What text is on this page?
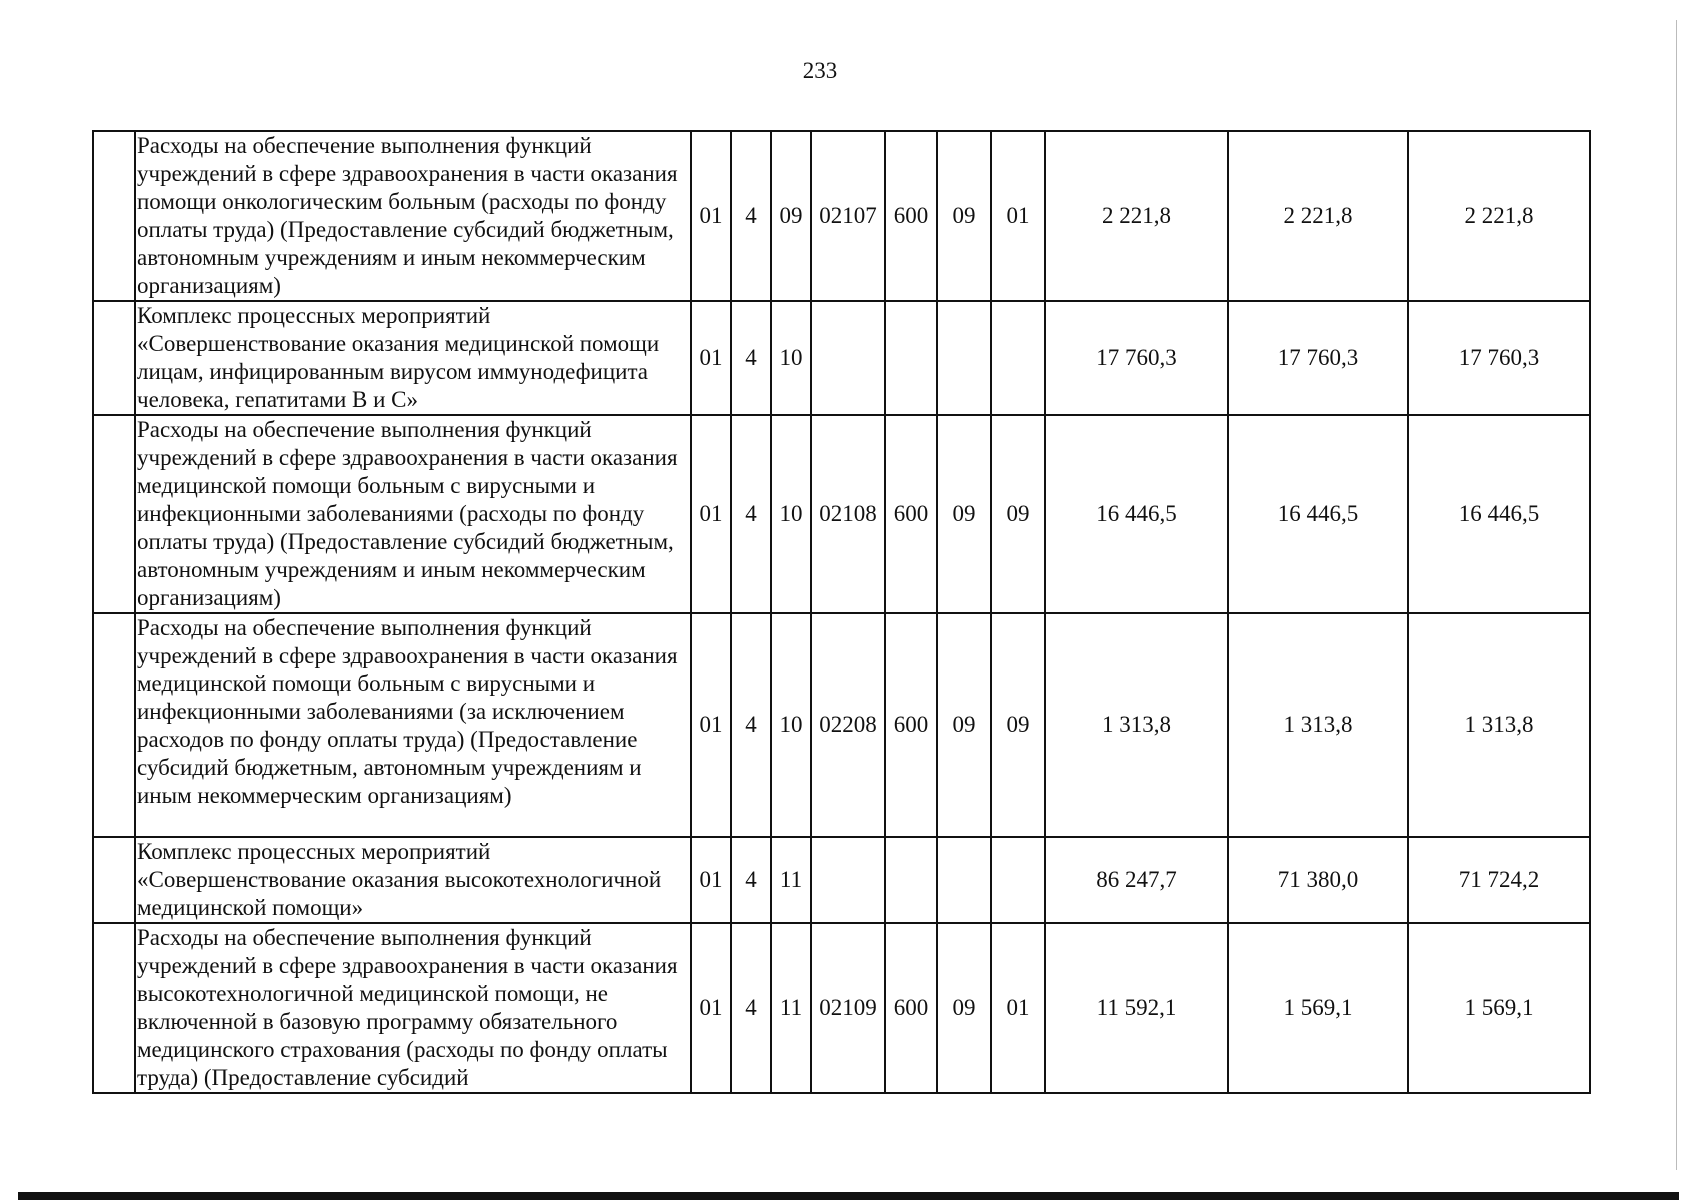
233
	Расходы на обеспечение выполнения функций учреждений в сфере здравоохранения в части оказания помощи онкологическим больным (расходы по фонду оплаты труда) (Предоставление субсидий бюджетным, автономным учреждениям и иным некоммерческим организациям)	01	4	09	02107	600	09	01	2 221,8	2 221,8	2 221,8
	Комплекс процессных мероприятий «Совершенствование оказания медицинской помощи лицам, инфицированным вирусом иммунодефицита человека, гепатитами В и С»	01	4	10					17 760,3	17 760,3	17 760,3
	Расходы на обеспечение выполнения функций учреждений в сфере здравоохранения в части оказания медицинской помощи больным с вирусными и инфекционными заболеваниями (расходы по фонду оплаты труда) (Предоставление субсидий бюджетным, автономным учреждениям и иным некоммерческим организациям)	01	4	10	02108	600	09	09	16 446,5	16 446,5	16 446,5
	Расходы на обеспечение выполнения функций учреждений в сфере здравоохранения в части оказания медицинской помощи больным с вирусными и инфекционными заболеваниями (за исключением расходов по фонду оплаты труда) (Предоставление субсидий бюджетным, автономным учреждениям и иным некоммерческим организациям)	01	4	10	02208	600	09	09	1 313,8	1 313,8	1 313,8
	Комплекс процессных мероприятий «Совершенствование оказания высокотехнологичной медицинской помощи»	01	4	11					86 247,7	71 380,0	71 724,2
	Расходы на обеспечение выполнения функций учреждений в сфере здравоохранения в части оказания высокотехнологичной медицинской помощи, не включенной в базовую программу обязательного медицинского страхования (расходы по фонду оплаты труда) (Предоставление субсидий	01	4	11	02109	600	09	01	11 592,1	1 569,1	1 569,1
